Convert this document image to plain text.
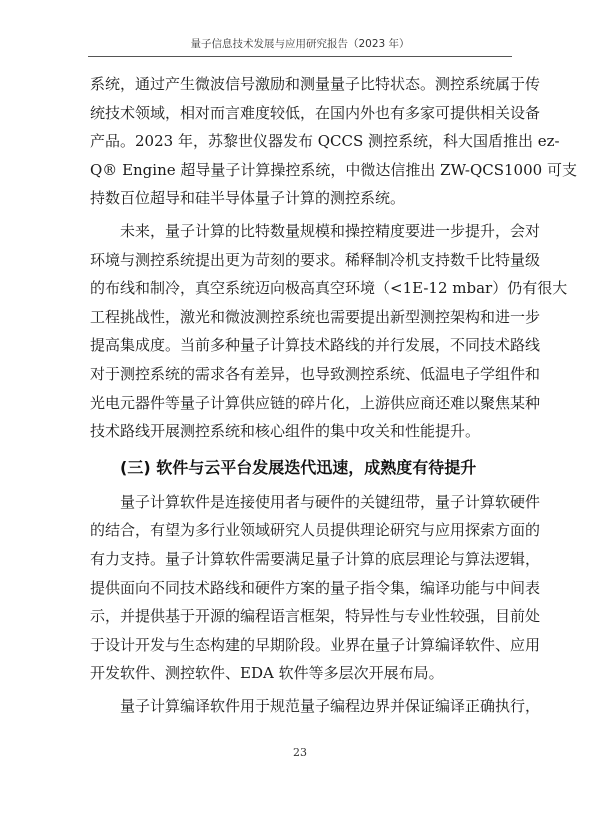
量子信息技术发展与应用研究报告（2023 年）

系统，通过产生微波信号激励和测量量子比特状态。测控系统属于传
统技术领域，相对而言难度较低，在国内外也有多家可提供相关设备
产品。2023 年，苏黎世仪器发布 QCCS 测控系统，科大国盾推出 ez-
Q® Engine 超导量子计算操控系统，中微达信推出 ZW-QCS1000 可支
持数百位超导和硅半导体量子计算的测控系统。

未来，量子计算的比特数量规模和操控精度要进一步提升，会对
环境与测控系统提出更为苛刻的要求。稀释制冷机支持数千比特量级
的布线和制冷，真空系统迈向极高真空环境（<1E-12 mbar）仍有很大
工程挑战性，激光和微波测控系统也需要提出新型测控架构和进一步
提高集成度。当前多种量子计算技术路线的并行发展，不同技术路线
对于测控系统的需求各有差异，也导致测控系统、低温电子学组件和
光电元器件等量子计算供应链的碎片化，上游供应商还难以聚焦某种
技术路线开展测控系统和核心组件的集中攻关和性能提升。

(三) 软件与云平台发展迭代迅速，成熟度有待提升

量子计算软件是连接使用者与硬件的关键纽带，量子计算软硬件
的结合，有望为多行业领域研究人员提供理论研究与应用探索方面的
有力支持。量子计算软件需要满足量子计算的底层理论与算法逻辑，
提供面向不同技术路线和硬件方案的量子指令集，编译功能与中间表
示，并提供基于开源的编程语言框架，特异性与专业性较强，目前处
于设计开发与生态构建的早期阶段。业界在量子计算编译软件、应用
开发软件、测控软件、EDA 软件等多层次开展布局。

量子计算编译软件用于规范量子编程边界并保证编译正确执行，

23
